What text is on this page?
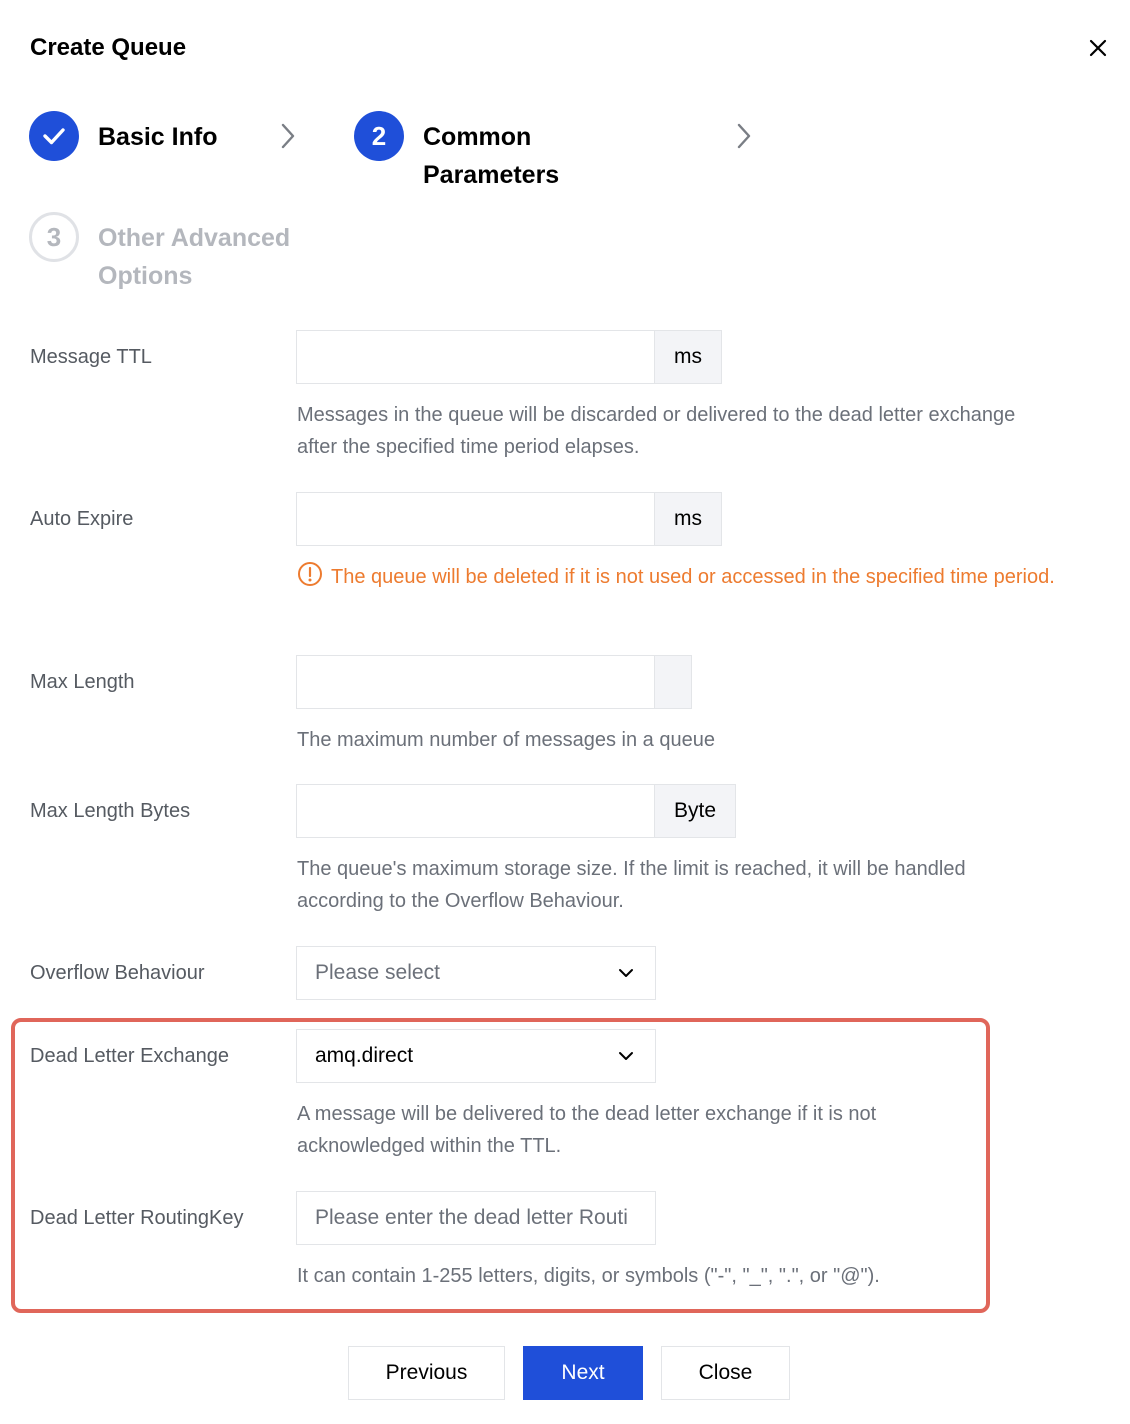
Create Queue
Basic Info	2	Common
Parameters
3	Other Advanced
Options
Message TTL	ms
Messages in the queue will be discarded or delivered to the dead letter exchange after the specified time period elapses.
Auto Expire	ms
The queue will be deleted if it is not used or accessed in the specified time period.
Max Length
The maximum number of messages in a queue
Max Length Bytes	Byte
The queue's maximum storage size. If the limit is reached, it will be handled according to the Overflow Behaviour.
Overflow Behaviour	Please select
Dead Letter Exchange	amq.direct
A message will be delivered to the dead letter exchange if it is not acknowledged within the TTL.
Dead Letter RoutingKey	Please enter the dead letter Routi
It can contain 1-255 letters, digits, or symbols ("-", "_", ".", or "@").
Previous	Next	Close
